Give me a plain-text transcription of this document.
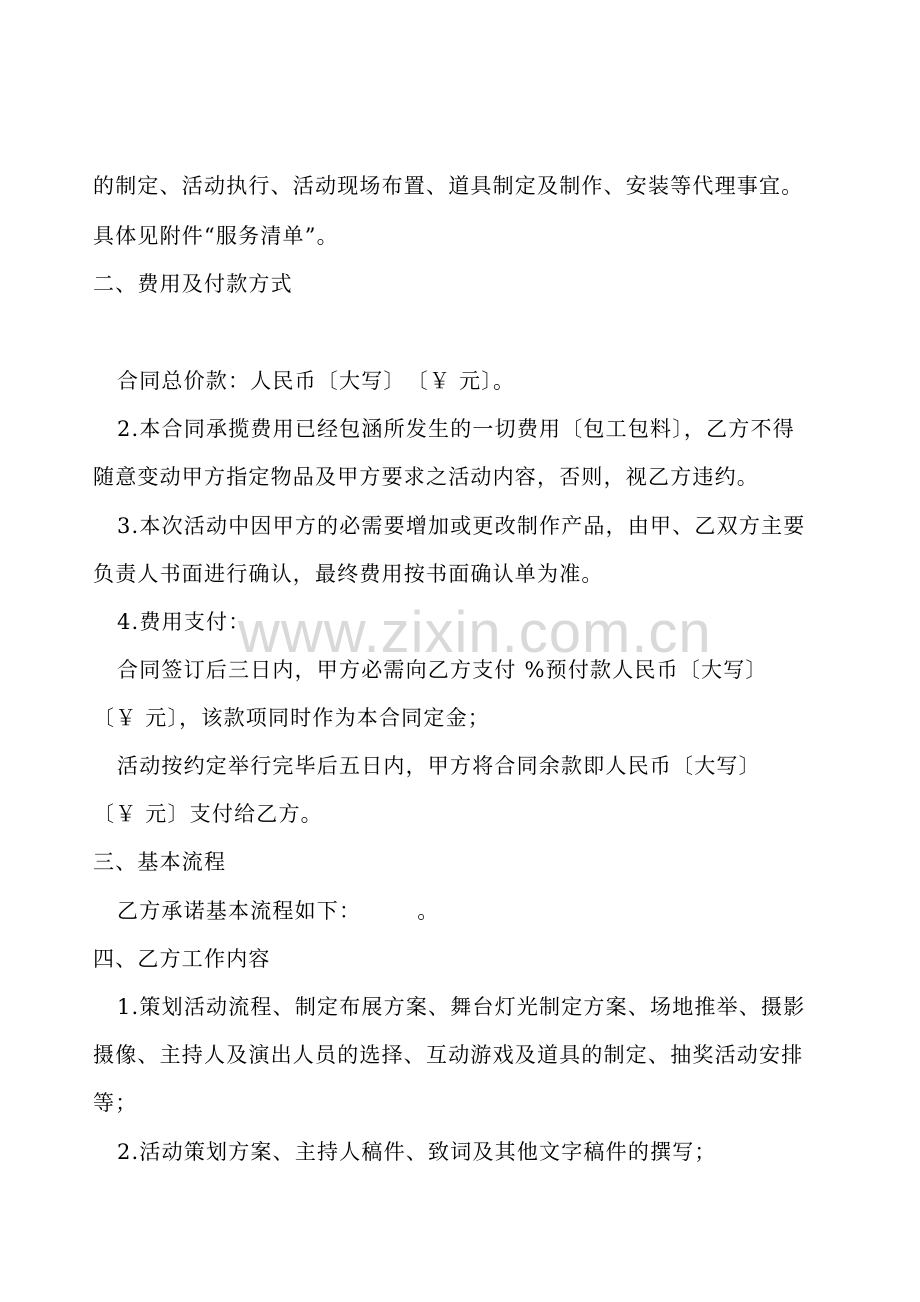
www.zixin.com.cn

的制定、活动执行、活动现场布置、道具制定及制作、安装等代理事宜。

具体见附件“服务清单”。

二、费用及付款方式

合同总价款：人民币〔大写〕　〔￥ 元〕。

2.本合同承揽费用已经包涵所发生的一切费用〔包工包料〕，乙方不得

随意变动甲方指定物品及甲方要求之活动内容，否则，视乙方违约。

3.本次活动中因甲方的必需要增加或更改制作产品，由甲、乙双方主要

负责人书面进行确认，最终费用按书面确认单为准。

4.费用支付：

合同签订后三日内，甲方必需向乙方支付 %预付款人民币〔大写〕

〔￥ 元〕，该款项同时作为本合同定金；

活动按约定举行完毕后五日内，甲方将合同余款即人民币〔大写〕

〔￥ 元〕支付给乙方。

三、基本流程

乙方承诺基本流程如下：　　　。

四、乙方工作内容

1.策划活动流程、制定布展方案、舞台灯光制定方案、场地推举、摄影

摄像、主持人及演出人员的选择、互动游戏及道具的制定、抽奖活动安排

等；

2.活动策划方案、主持人稿件、致词及其他文字稿件的撰写；
